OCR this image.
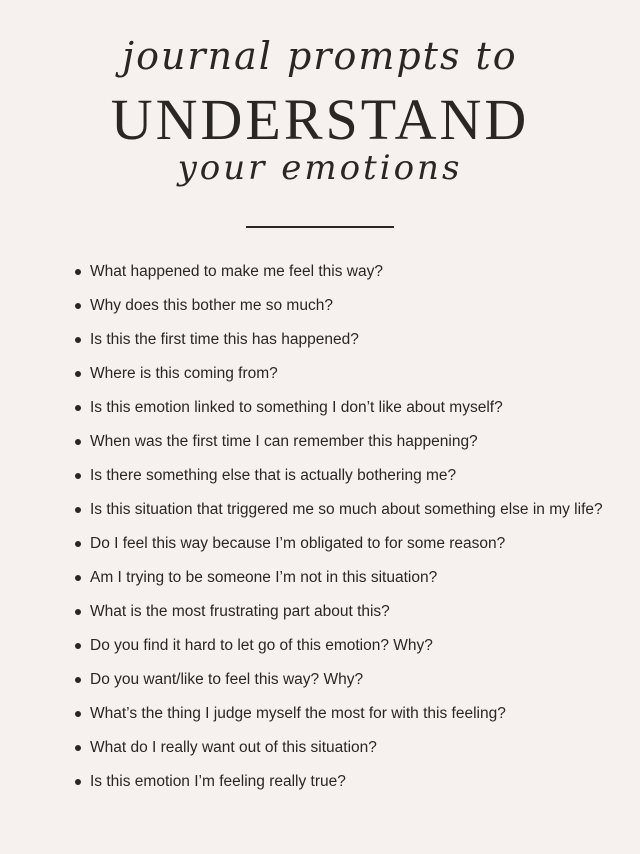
journal prompts to
UNDERSTAND
your emotions
What happened to make me feel this way?
Why does this bother me so much?
Is this the first time this has happened?
Where is this coming from?
Is this emotion linked to something I don’t like about myself?
When was the first time I can remember this happening?
Is there something else that is actually bothering me?
Is this situation that triggered me so much about something else in my life?
Do I feel this way because I’m obligated to for some reason?
Am I trying to be someone I’m not in this situation?
What is the most frustrating part about this?
Do you find it hard to let go of this emotion? Why?
Do you want/like to feel this way? Why?
What’s the thing I judge myself the most for with this feeling?
What do I really want out of this situation?
Is this emotion I’m feeling really true?
